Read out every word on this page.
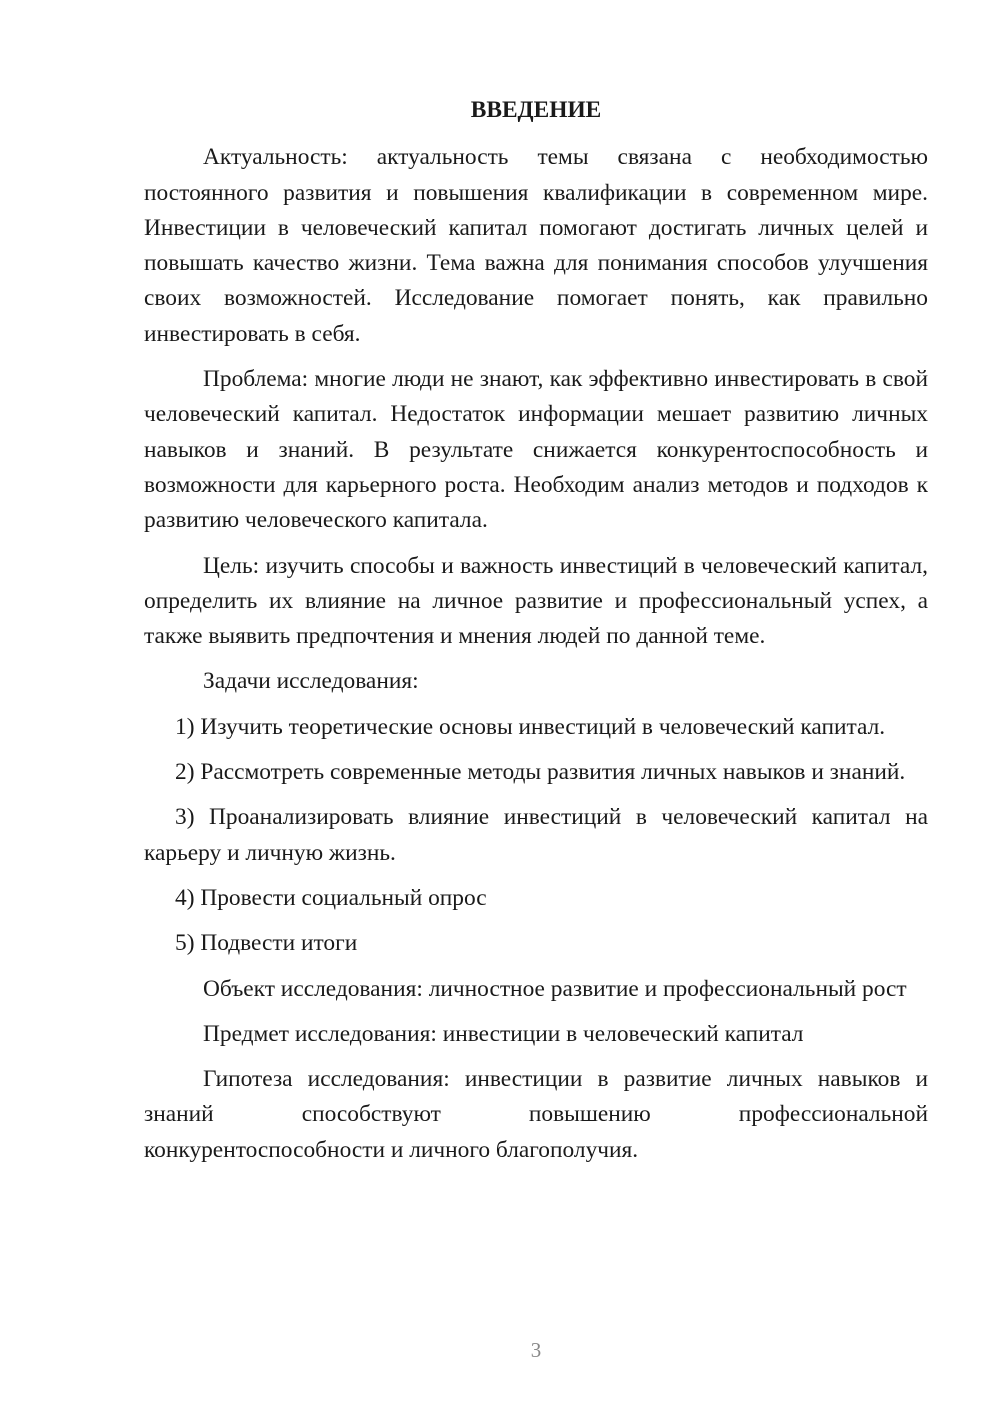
ВВЕДЕНИЕ

Актуальность: актуальность темы связана с необходимостью постоянного развития и повышения квалификации в современном мире. Инвестиции в человеческий капитал помогают достигать личных целей и повышать качество жизни. Тема важна для понимания способов улучшения своих возможностей. Исследование помогает понять, как правильно инвестировать в себя.

Проблема: многие люди не знают, как эффективно инвестировать в свой человеческий капитал. Недостаток информации мешает развитию личных навыков и знаний. В результате снижается конкурентоспособность и возможности для карьерного роста. Необходим анализ методов и подходов к развитию человеческого капитала.

Цель: изучить способы и важность инвестиций в человеческий капитал, определить их влияние на личное развитие и профессиональный успех, а также выявить предпочтения и мнения людей по данной теме.

Задачи исследования:

1) Изучить теоретические основы инвестиций в человеческий капитал.

2) Рассмотреть современные методы развития личных навыков и знаний.

3) Проанализировать влияние инвестиций в человеческий капитал на карьеру и личную жизнь.

4) Провести социальный опрос

5) Подвести итоги

Объект исследования: личностное развитие и профессиональный рост

Предмет исследования: инвестиции в человеческий капитал

Гипотеза исследования: инвестиции в развитие личных навыков и знаний способствуют повышению профессиональной конкурентоспособности и личного благополучия.

3
